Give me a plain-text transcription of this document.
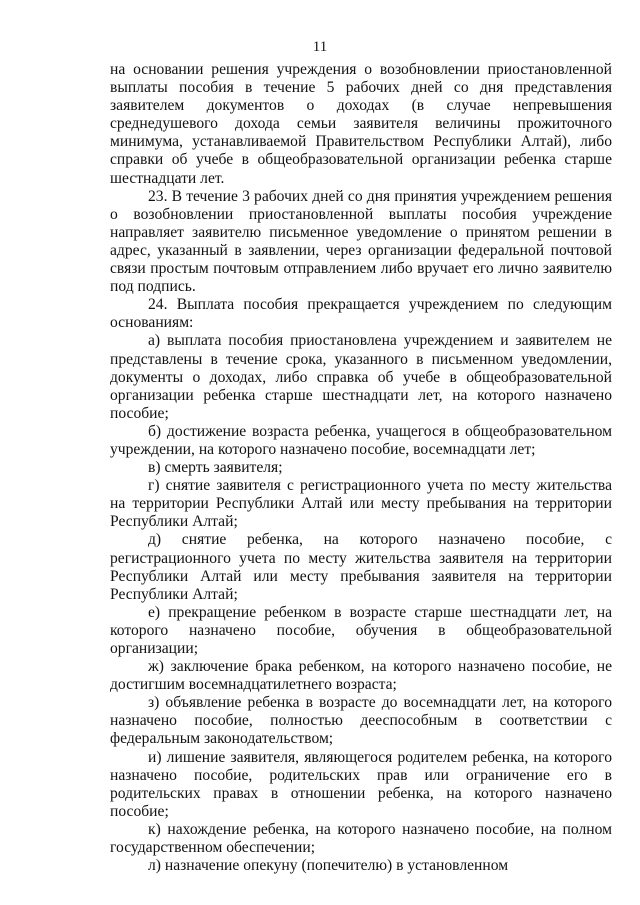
11

на основании решения учреждения о возобновлении приостановленной выплаты пособия в течение 5 рабочих дней со дня представления заявителем документов о доходах (в случае непревышения среднедушевого дохода семьи заявителя величины прожиточного минимума, устанавливаемой Правительством Республики Алтай), либо справки об учебе в общеобразовательной организации ребенка старше шестнадцати лет.

23. В течение 3 рабочих дней со дня принятия учреждением решения о возобновлении приостановленной выплаты пособия учреждение направляет заявителю письменное уведомление о принятом решении в адрес, указанный в заявлении, через организации федеральной почтовой связи простым почтовым отправлением либо вручает его лично заявителю под подпись.

24. Выплата пособия прекращается учреждением по следующим основаниям:

а) выплата пособия приостановлена учреждением и заявителем не представлены в течение срока, указанного в письменном уведомлении, документы о доходах, либо справка об учебе в общеобразовательной организации ребенка старше шестнадцати лет, на которого назначено пособие;

б) достижение возраста ребенка, учащегося в общеобразовательном учреждении, на которого назначено пособие, восемнадцати лет;

в) смерть заявителя;

г) снятие заявителя с регистрационного учета по месту жительства на территории Республики Алтай или месту пребывания на территории Республики Алтай;

д) снятие ребенка, на которого назначено пособие, с регистрационного учета по месту жительства заявителя на территории Республики Алтай или месту пребывания заявителя на территории Республики Алтай;

е) прекращение ребенком в возрасте старше шестнадцати лет, на которого назначено пособие, обучения в общеобразовательной организации;

ж) заключение брака ребенком, на которого назначено пособие, не достигшим восемнадцатилетнего возраста;

з) объявление ребенка в возрасте до восемнадцати лет, на которого назначено пособие, полностью дееспособным в соответствии с федеральным законодательством;

и) лишение заявителя, являющегося родителем ребенка, на которого назначено пособие, родительских прав или ограничение его в родительских правах в отношении ребенка, на которого назначено пособие;

к) нахождение ребенка, на которого назначено пособие, на полном государственном обеспечении;

л) назначение опекуну (попечителю) в установленном
